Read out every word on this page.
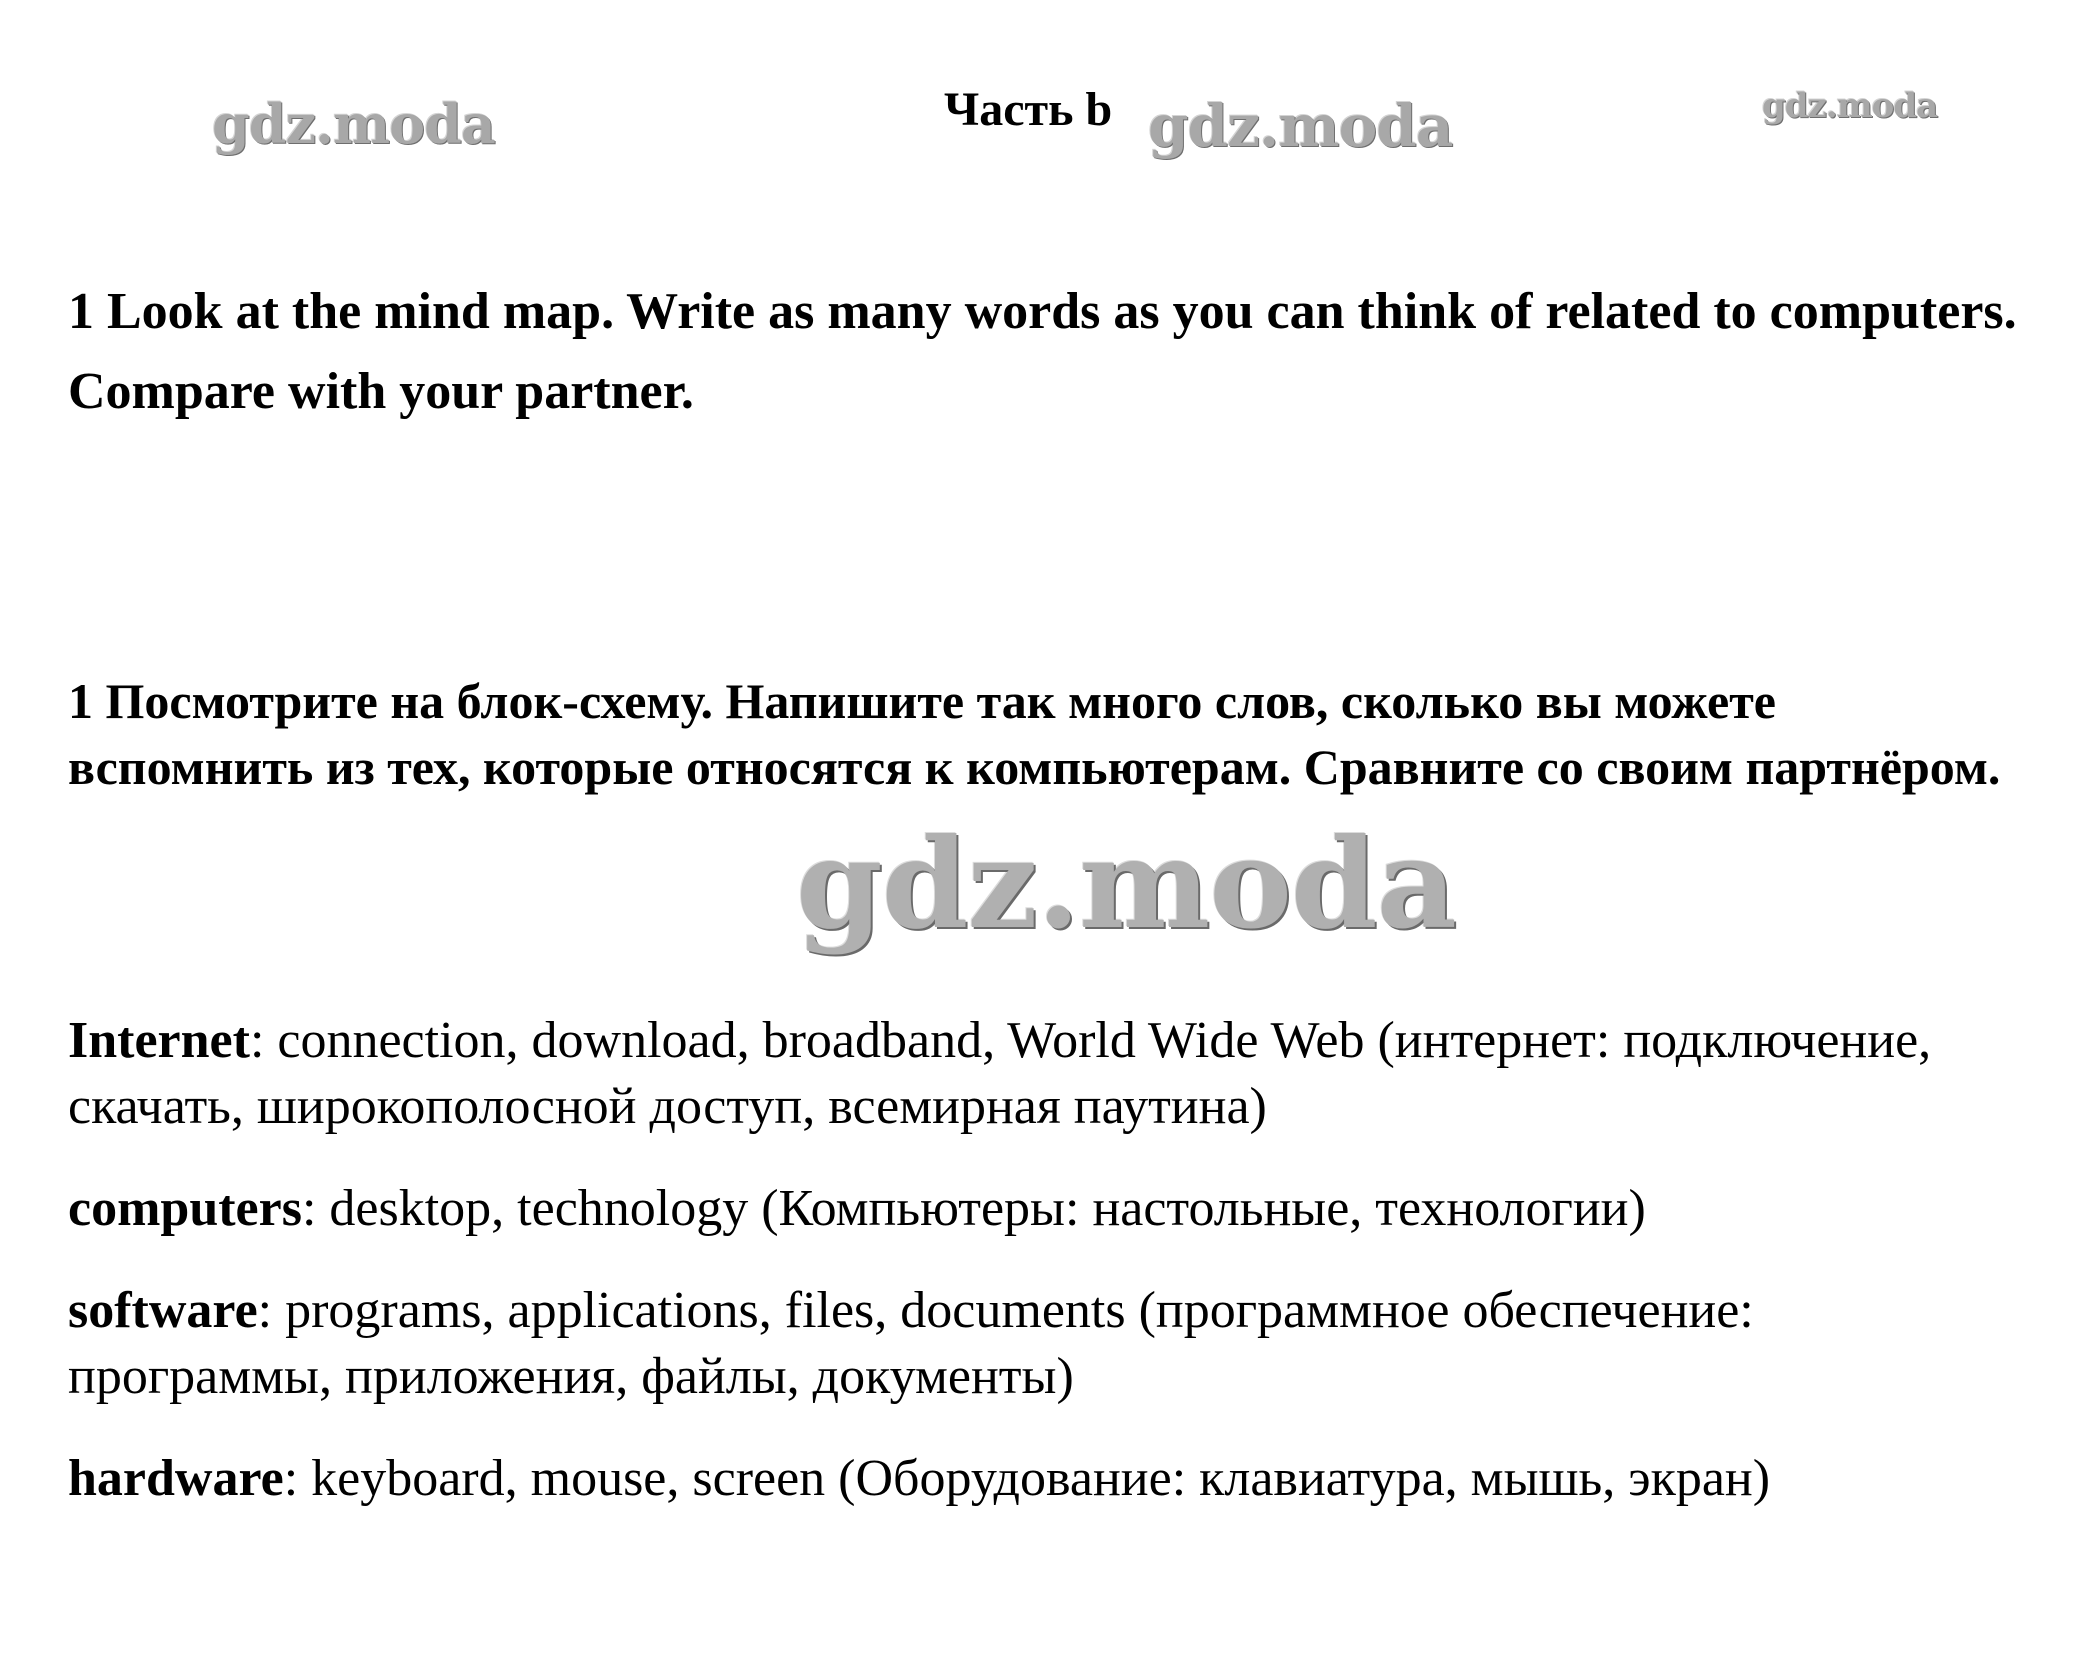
gdz.moda	Часть b gdz.moda	gdz.moda
1 Look at the mind map. Write as many words as you can think of related to computers. Compare with your partner.
1 Посмотрите на блок-схему. Напишите так много слов, сколько вы можете вспомнить из тех, которые относятся к компьютерам. Сравните со своим партнёром.
gdz.moda

Internet: connection, download, broadband, World Wide Web (интернет: подключение, скачать, широкополосной доступ, всемирная паутина)

computers: desktop, technology (Компьютеры: настольные, технологии)

software: programs, applications, files, documents (программное обеспечение: программы, приложения, файлы, документы)

hardware: keyboard, mouse, screen (Оборудование: клавиатура, мышь, экран)
